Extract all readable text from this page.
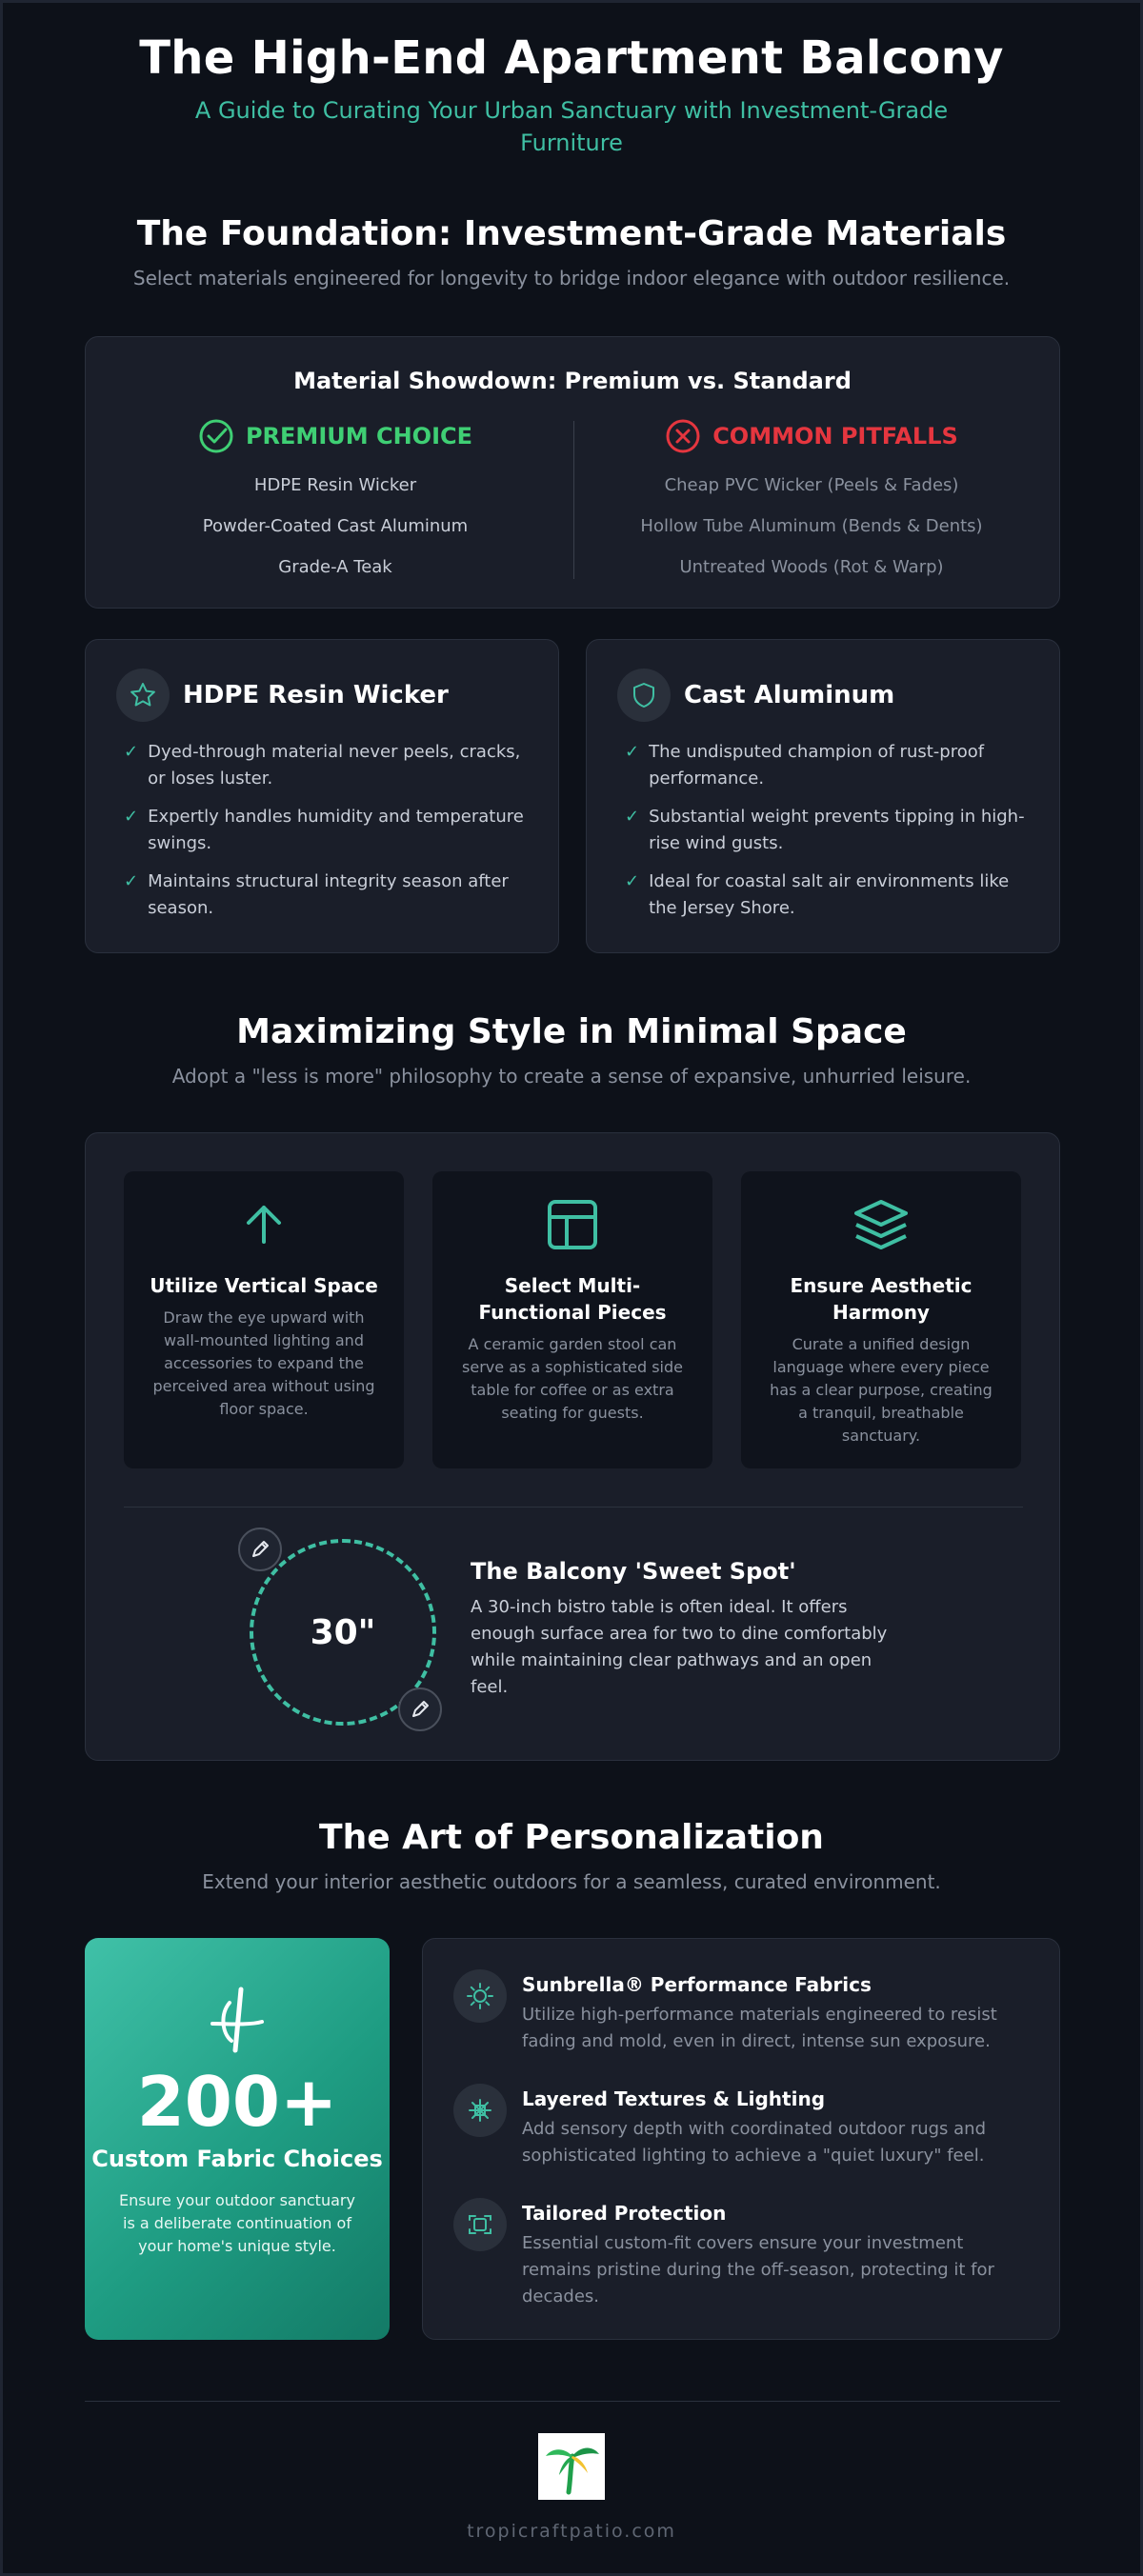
The High-End Apartment Balcony

A Guide to Curating Your Urban Sanctuary with Investment-Grade Furniture

The Foundation: Investment-Grade Materials

Select materials engineered for longevity to bridge indoor elegance with outdoor resilience.

Material Showdown: Premium vs. Standard
PREMIUM CHOICE
HDPE Resin Wicker
Powder-Coated Cast Aluminum
Grade-A Teak
COMMON PITFALLS
Cheap PVC Wicker (Peels & Fades)
Hollow Tube Aluminum (Bends & Dents)
Untreated Woods (Rot & Warp)
HDPE Resin Wicker
✓ Dyed-through material never peels, cracks, or loses luster.
✓ Expertly handles humidity and temperature swings.
✓ Maintains structural integrity season after season.
Cast Aluminum
✓ The undisputed champion of rust-proof performance.
✓ Substantial weight prevents tipping in high-rise wind gusts.
✓ Ideal for coastal salt air environments like the Jersey Shore.
Maximizing Style in Minimal Space

Adopt a "less is more" philosophy to create a sense of expansive, unhurried leisure.

Utilize Vertical Space
Draw the eye upward with wall-mounted lighting and accessories to expand the perceived area without using floor space.
Select Multi-Functional Pieces
A ceramic garden stool can serve as a sophisticated side table for coffee or as extra seating for guests.
Ensure Aesthetic Harmony
Curate a unified design language where every piece has a clear purpose, creating a tranquil, breathable sanctuary.
30"
The Balcony 'Sweet Spot'
A 30-inch bistro table is often ideal. It offers enough surface area for two to dine comfortably while maintaining clear pathways and an open feel.
The Art of Personalization

Extend your interior aesthetic outdoors for a seamless, curated environment.

200+
Custom Fabric Choices
Ensure your outdoor sanctuary is a deliberate continuation of your home's unique style.
Sunbrella® Performance Fabrics
Utilize high-performance materials engineered to resist fading and mold, even in direct, intense sun exposure.
Layered Textures & Lighting
Add sensory depth with coordinated outdoor rugs and sophisticated lighting to achieve a "quiet luxury" feel.
Tailored Protection
Essential custom-fit covers ensure your investment remains pristine during the off-season, protecting it for decades.
tropicraftpatio.com
